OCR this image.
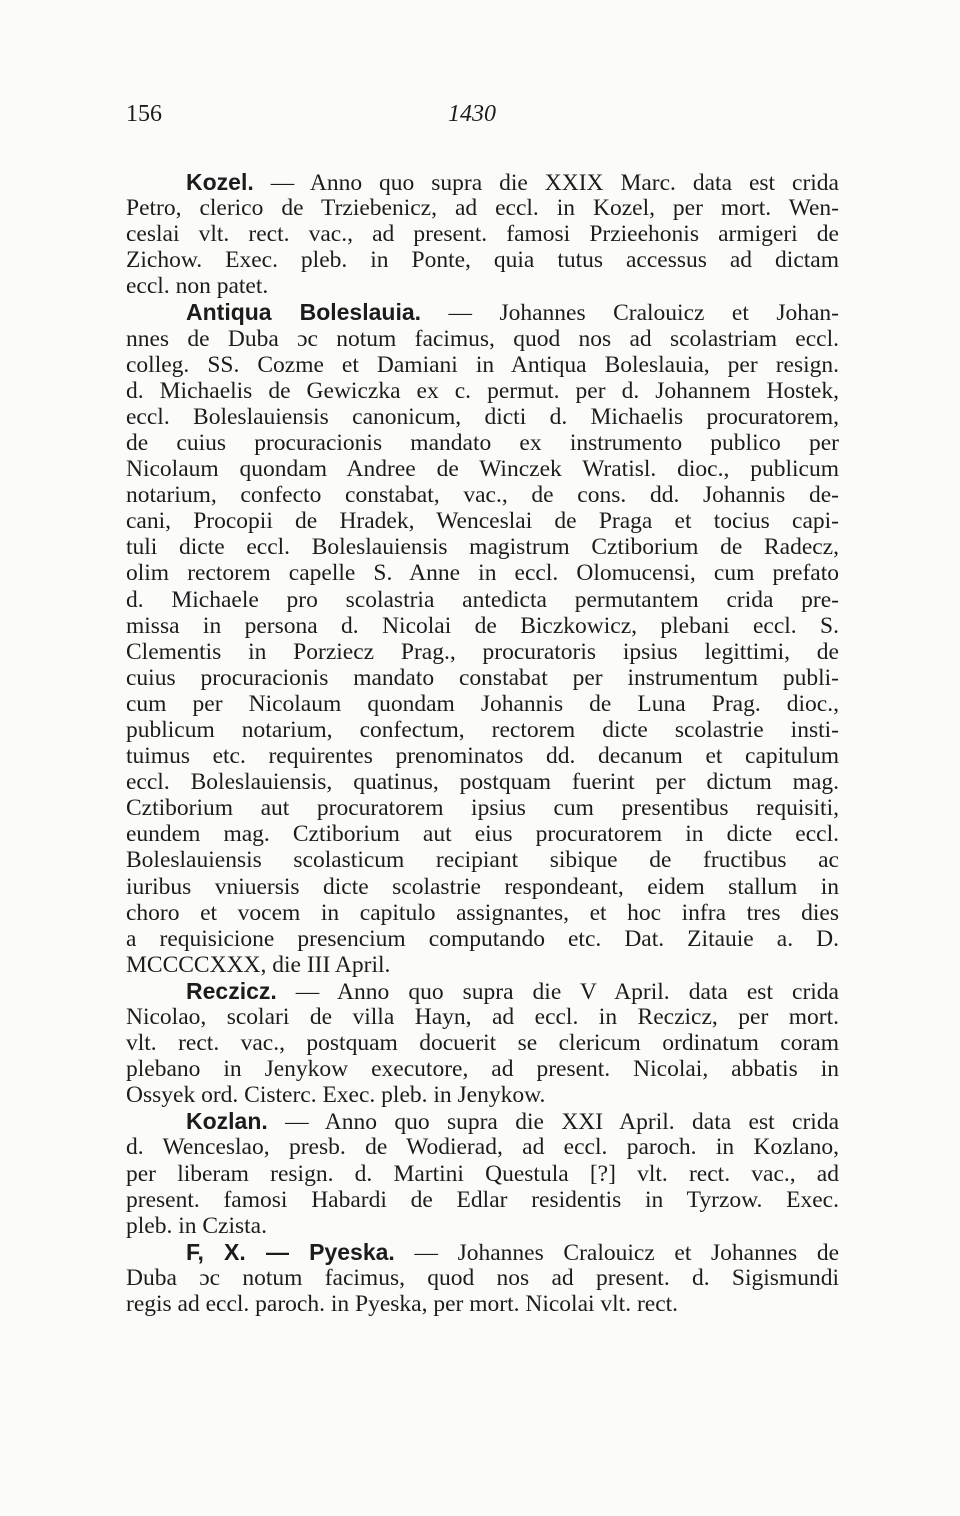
156	1430
Kozel. — Anno quo supra die XXIX Marc. data est crida
Petro, clerico de Trziebenicz, ad eccl. in Kozel, per mort. Wen-
ceslai vlt. rect. vac., ad present. famosi Przieehonis armigeri de
Zichow. Exec. pleb. in Ponte, quia tutus accessus ad dictam
eccl. non patet.
Antiqua Boleslauia. — Johannes Cralouicz et Johan-
nnes de Duba ɔc notum facimus, quod nos ad scolastriam eccl.
colleg. SS. Cozme et Damiani in Antiqua Boleslauia, per resign.
d. Michaelis de Gewiczka ex c. permut. per d. Johannem Hostek,
eccl. Boleslauiensis canonicum, dicti d. Michaelis procuratorem,
de cuius procuracionis mandato ex instrumento publico per
Nicolaum quondam Andree de Winczek Wratisl. dioc., publicum
notarium, confecto constabat, vac., de cons. dd. Johannis de-
cani, Procopii de Hradek, Wenceslai de Praga et tocius capi-
tuli dicte eccl. Boleslauiensis magistrum Cztiborium de Radecz,
olim rectorem capelle S. Anne in eccl. Olomucensi, cum prefato
d. Michaele pro scolastria antedicta permutantem crida pre-
missa in persona d. Nicolai de Biczkowicz, plebani eccl. S.
Clementis in Porziecz Prag., procuratoris ipsius legittimi, de
cuius procuracionis mandato constabat per instrumentum publi-
cum per Nicolaum quondam Johannis de Luna Prag. dioc.,
publicum notarium, confectum, rectorem dicte scolastrie insti-
tuimus etc. requirentes prenominatos dd. decanum et capitulum
eccl. Boleslauiensis, quatinus, postquam fuerint per dictum mag.
Cztiborium aut procuratorem ipsius cum presentibus requisiti,
eundem mag. Cztiborium aut eius procuratorem in dicte eccl.
Boleslauiensis scolasticum recipiant sibique de fructibus ac
iuribus vniuersis dicte scolastrie respondeant, eidem stallum in
choro et vocem in capitulo assignantes, et hoc infra tres dies
a requisicione presencium computando etc. Dat. Zitauie a. D.
MCCCCXXX, die III April.
Reczicz. — Anno quo supra die V April. data est crida
Nicolao, scolari de villa Hayn, ad eccl. in Reczicz, per mort.
vlt. rect. vac., postquam docuerit se clericum ordinatum coram
plebano in Jenykow executore, ad present. Nicolai, abbatis in
Ossyek ord. Cisterc. Exec. pleb. in Jenykow.
Kozlan. — Anno quo supra die XXI April. data est crida
d. Wenceslao, presb. de Wodierad, ad eccl. paroch. in Kozlano,
per liberam resign. d. Martini Questula [?] vlt. rect. vac., ad
present. famosi Habardi de Edlar residentis in Tyrzow. Exec.
pleb. in Czista.
F, X. — Pyeska. — Johannes Cralouicz et Johannes de
Duba ɔc notum facimus, quod nos ad present. d. Sigismundi
regis ad eccl. paroch. in Pyeska, per mort. Nicolai vlt. rect.
